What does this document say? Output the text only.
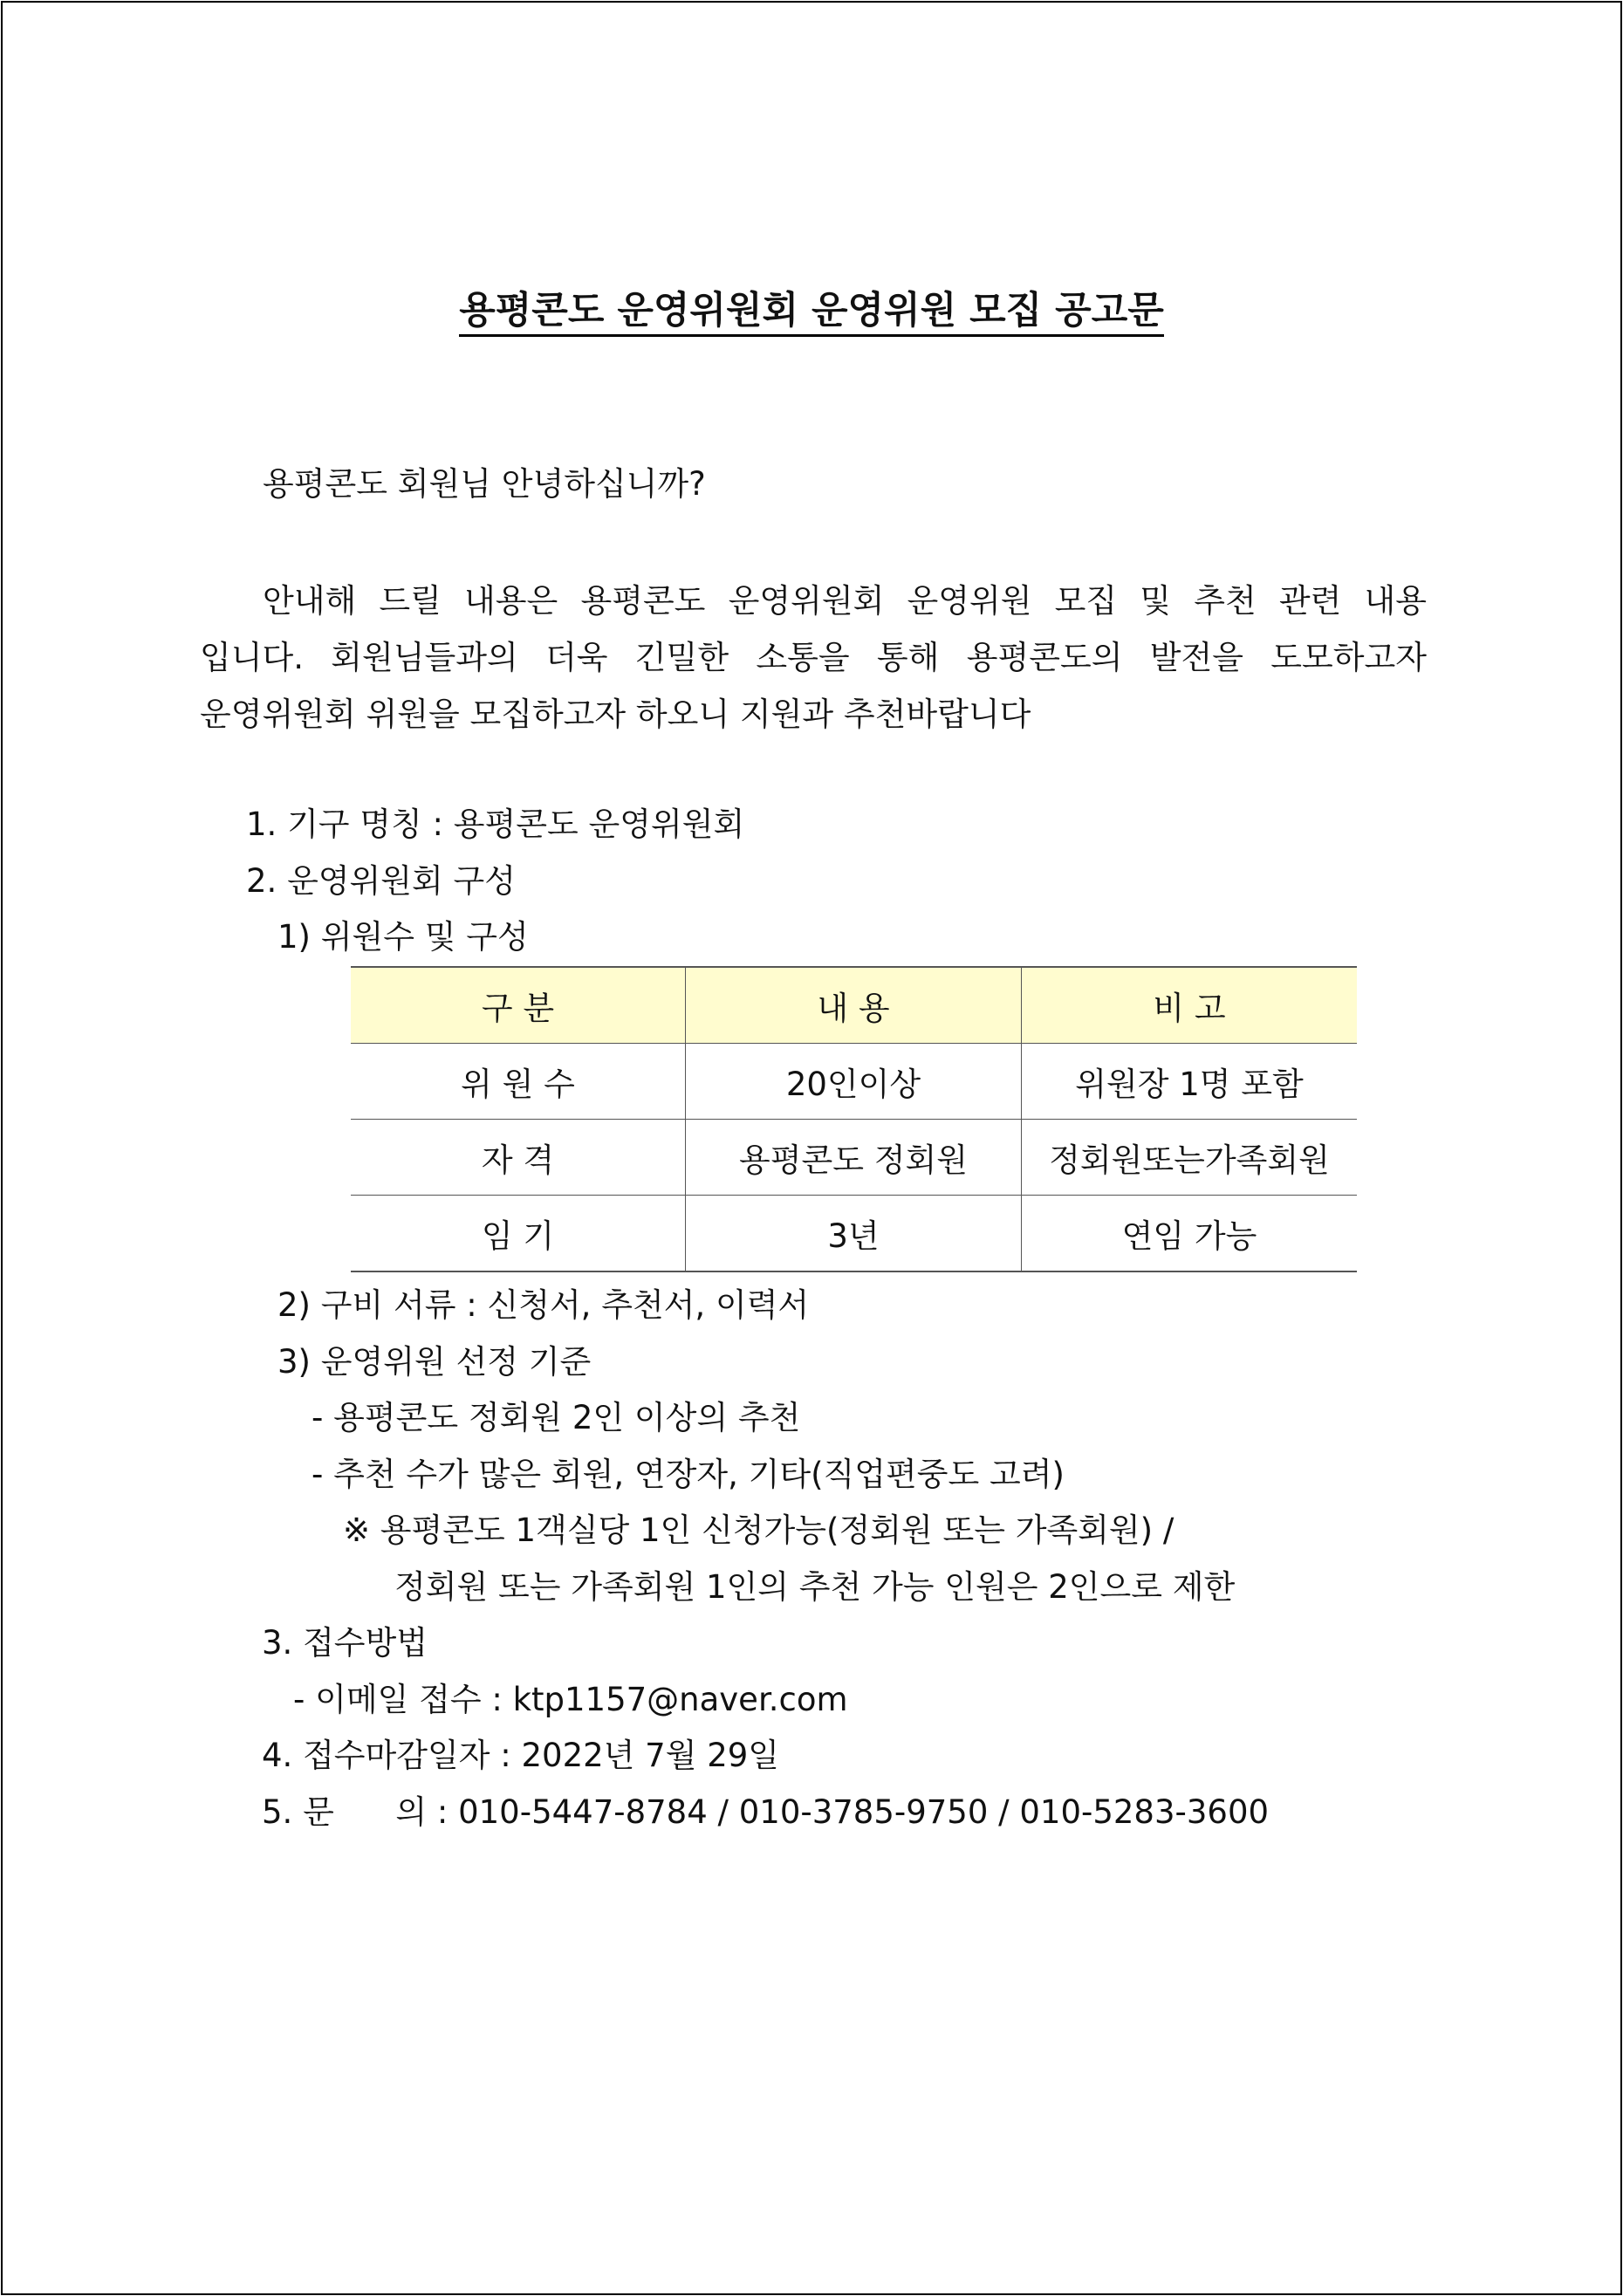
용평콘도 운영위원회 운영위원 모집 공고문
용평콘도 회원님 안녕하십니까?
안내해 드릴 내용은 용평콘도 운영위원회 운영위원 모집 및 추천 관련 내용
입니다. 회원님들과의 더욱 긴밀한 소통을 통해 용평콘도의 발전을 도모하고자
운영위원회 위원을 모집하고자 하오니 지원과 추천바랍니다
1. 기구 명칭 : 용평콘도 운영위원회
2. 운영위원회 구성
1) 위원수 및 구성
구 분	내 용	비 고
위 원 수	20인이상	위원장 1명 포함
자 격	용평콘도 정회원	정회원또는가족회원
임 기	3년	연임 가능
2) 구비 서류 : 신청서, 추천서, 이력서
3) 운영위원 선정 기준
- 용평콘도 정회원 2인 이상의 추천
- 추천 수가 많은 회원, 연장자, 기타(직업편중도 고려)
※ 용평콘도 1객실당 1인 신청가능(정회원 또는 가족회원) /
정회원 또는 가족회원 1인의 추천 가능 인원은 2인으로 제한
3. 접수방법
- 이메일 접수 : ktp1157@naver.com
4. 접수마감일자 : 2022년 7월 29일
5. 문      의 : 010-5447-8784 / 010-3785-9750 / 010-5283-3600
